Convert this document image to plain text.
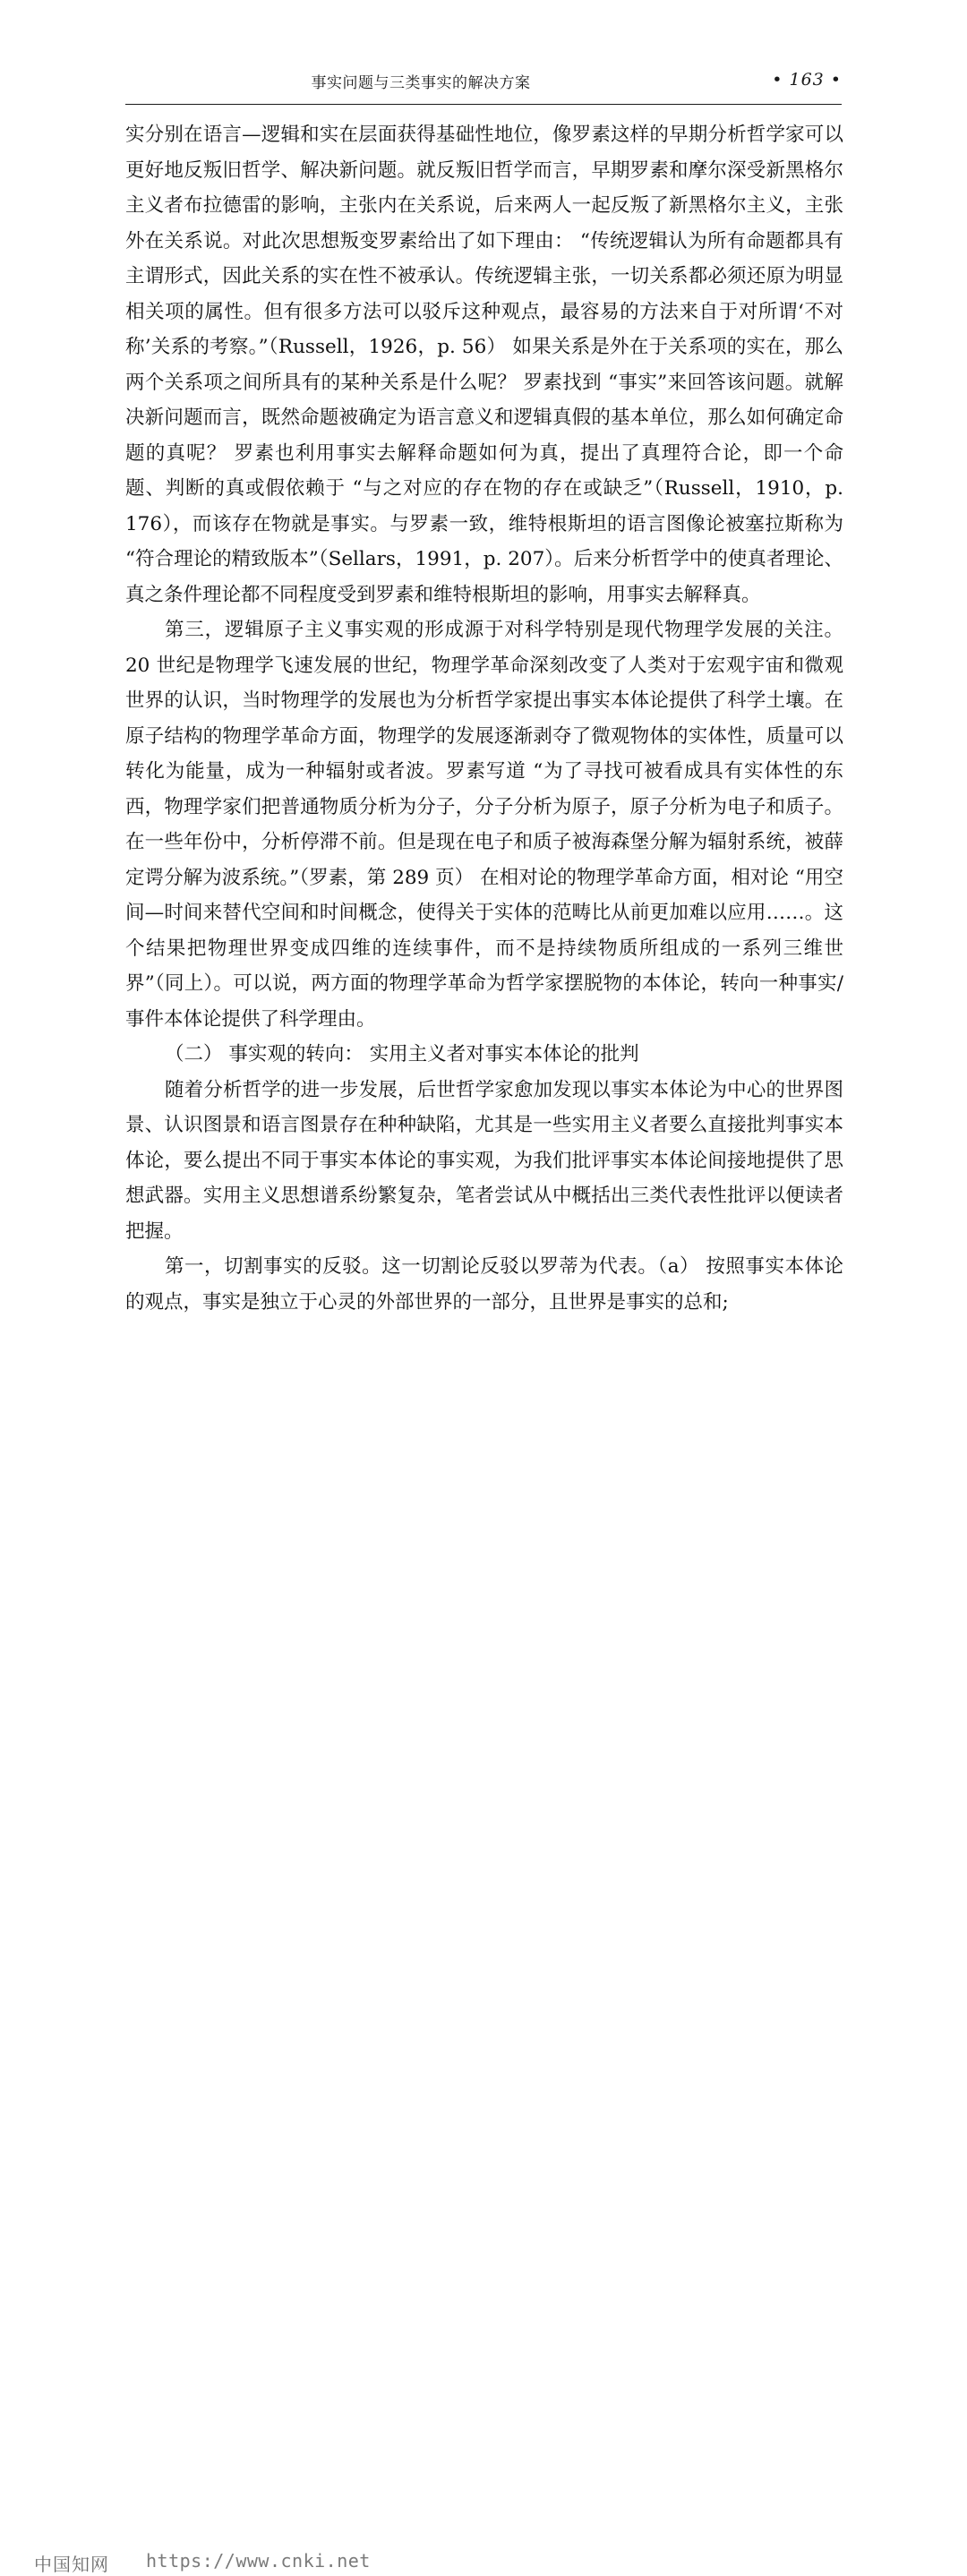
事实问题与三类事实的解决方案	• 163 •

实分别在语言—逻辑和实在层面获得基础性地位，像罗素这样的早期分析哲学家可以更好地反叛旧哲学、解决新问题。就反叛旧哲学而言，早期罗素和摩尔深受新黑格尔主义者布拉德雷的影响，主张内在关系说，后来两人一起反叛了新黑格尔主义，主张外在关系说。对此次思想叛变罗素给出了如下理由： “传统逻辑认为所有命题都具有主谓形式，因此关系的实在性不被承认。传统逻辑主张，一切关系都必须还原为明显相关项的属性。但有很多方法可以驳斥这种观点，最容易的方法来自于对所谓‘不对称’关系的考察。”（Russell，1926，p. 56） 如果关系是外在于关系项的实在，那么两个关系项之间所具有的某种关系是什么呢？ 罗素找到 “事实”来回答该问题。就解决新问题而言，既然命题被确定为语言意义和逻辑真假的基本单位，那么如何确定命题的真呢？ 罗素也利用事实去解释命题如何为真，提出了真理符合论，即一个命题、判断的真或假依赖于 “与之对应的存在物的存在或缺乏”（Russell，1910，p. 176），而该存在物就是事实。与罗素一致，维特根斯坦的语言图像论被塞拉斯称为 “符合理论的精致版本”（Sellars，1991，p. 207）。后来分析哲学中的使真者理论、真之条件理论都不同程度受到罗素和维特根斯坦的影响，用事实去解释真。

第三，逻辑原子主义事实观的形成源于对科学特别是现代物理学发展的关注。20 世纪是物理学飞速发展的世纪，物理学革命深刻改变了人类对于宏观宇宙和微观世界的认识，当时物理学的发展也为分析哲学家提出事实本体论提供了科学土壤。在原子结构的物理学革命方面，物理学的发展逐渐剥夺了微观物体的实体性，质量可以转化为能量，成为一种辐射或者波。罗素写道 “为了寻找可被看成具有实体性的东西，物理学家们把普通物质分析为分子，分子分析为原子，原子分析为电子和质子。在一些年份中，分析停滞不前。但是现在电子和质子被海森堡分解为辐射系统，被薛定谔分解为波系统。”（罗素，第 289 页） 在相对论的物理学革命方面，相对论 “用空间—时间来替代空间和时间概念，使得关于实体的范畴比从前更加难以应用……。这个结果把物理世界变成四维的连续事件，而不是持续物质所组成的一系列三维世界”（同上）。可以说，两方面的物理学革命为哲学家摆脱物的本体论，转向一种事实/事件本体论提供了科学理由。

（二） 事实观的转向： 实用主义者对事实本体论的批判

随着分析哲学的进一步发展，后世哲学家愈加发现以事实本体论为中心的世界图景、认识图景和语言图景存在种种缺陷，尤其是一些实用主义者要么直接批判事实本体论，要么提出不同于事实本体论的事实观，为我们批评事实本体论间接地提供了思想武器。实用主义思想谱系纷繁复杂，笔者尝试从中概括出三类代表性批评以便读者把握。

第一，切割事实的反驳。这一切割论反驳以罗蒂为代表。（a） 按照事实本体论的观点，事实是独立于心灵的外部世界的一部分，且世界是事实的总和;

中国知网 https://www.cnki.net
